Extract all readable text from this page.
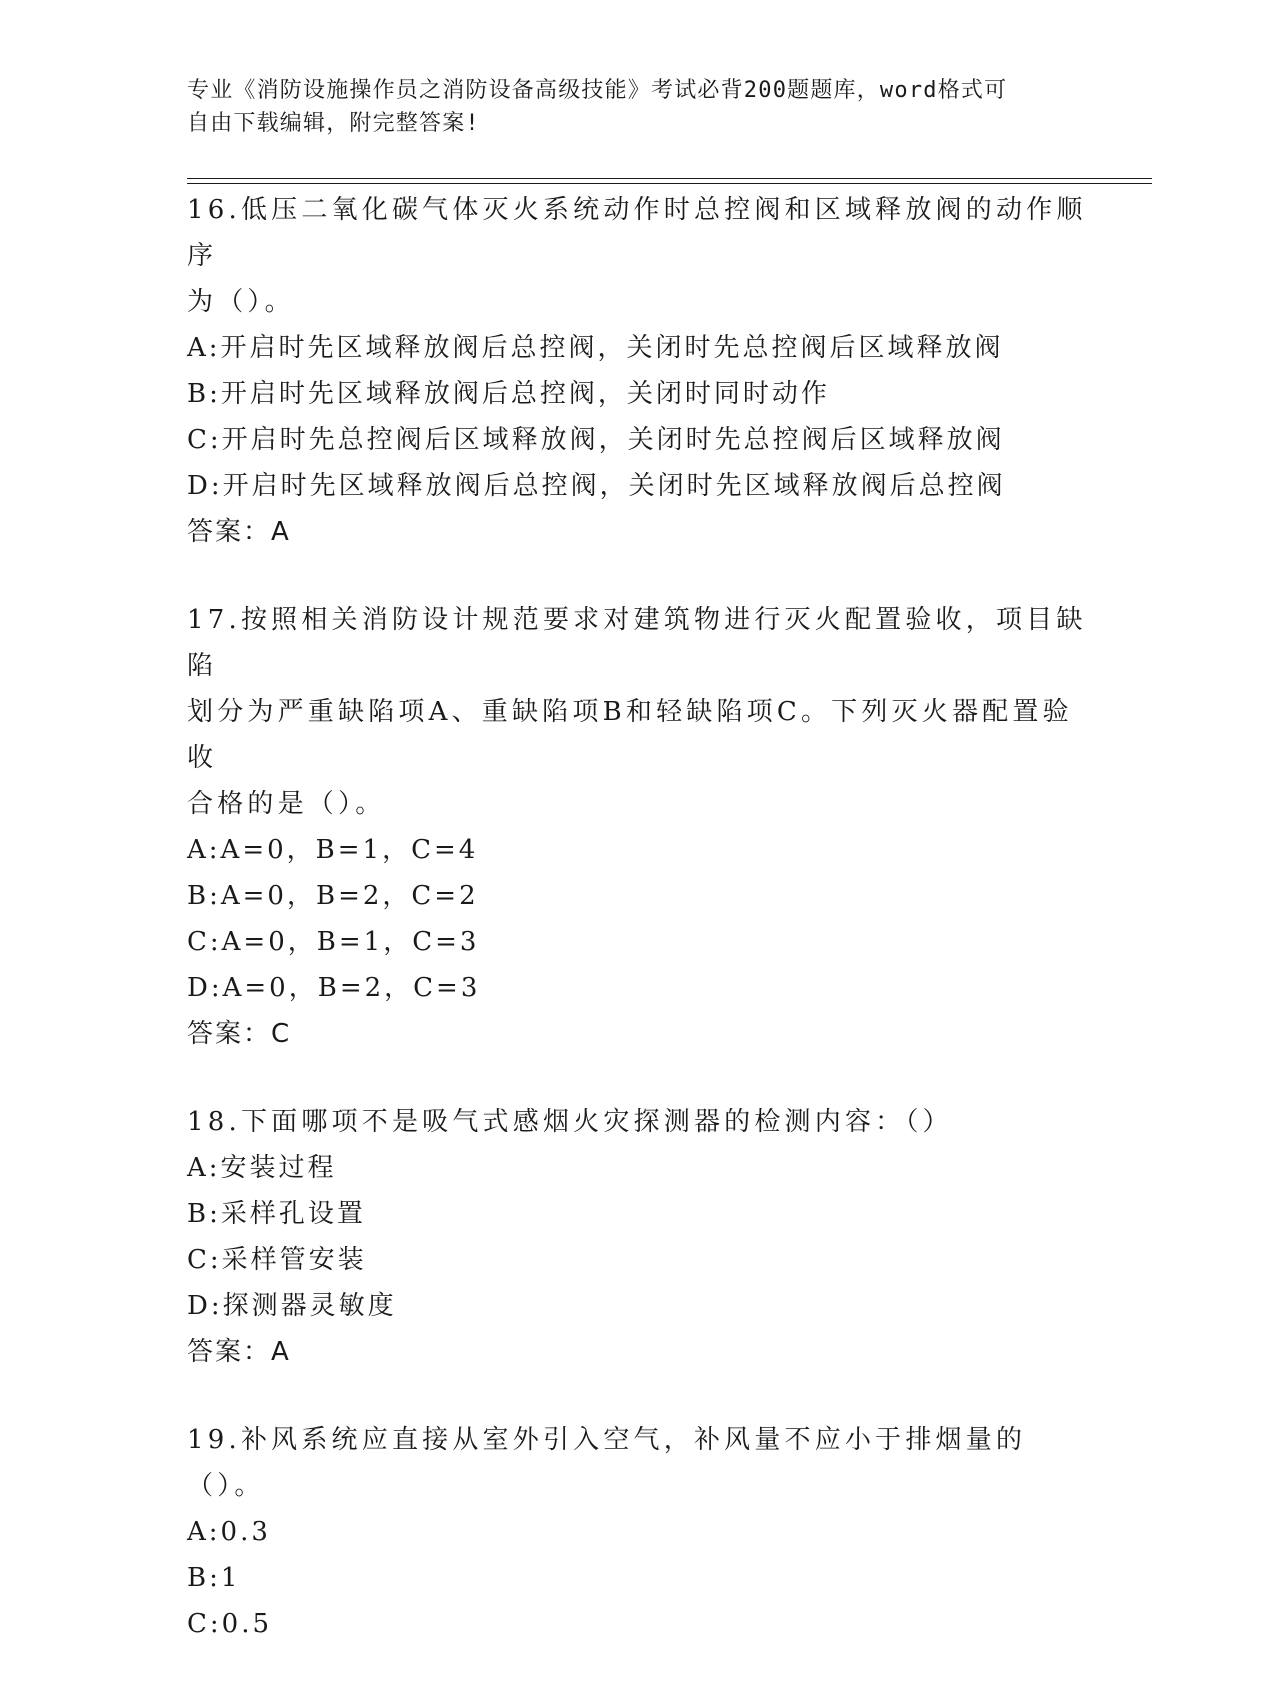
专业《消防设施操作员之消防设备高级技能》考试必背200题题库，word格式可
自由下载编辑，附完整答案!
16.低压二氧化碳气体灭火系统动作时总控阀和区域释放阀的动作顺序
为（）。
A:开启时先区域释放阀后总控阀，关闭时先总控阀后区域释放阀
B:开启时先区域释放阀后总控阀，关闭时同时动作
C:开启时先总控阀后区域释放阀，关闭时先总控阀后区域释放阀
D:开启时先区域释放阀后总控阀，关闭时先区域释放阀后总控阀
答案：A
17.按照相关消防设计规范要求对建筑物进行灭火配置验收，项目缺陷
划分为严重缺陷项A、重缺陷项B和轻缺陷项C。下列灭火器配置验收
合格的是（）。
A:A=0，B=1，C=4
B:A=0，B=2，C=2
C:A=0，B=1，C=3
D:A=0，B=2，C=3
答案：C
18.下面哪项不是吸气式感烟火灾探测器的检测内容：（）
A:安装过程
B:采样孔设置
C:采样管安装
D:探测器灵敏度
答案：A
19.补风系统应直接从室外引入空气，补风量不应小于排烟量的（）。
A:0.3
B:1
C:0.5
